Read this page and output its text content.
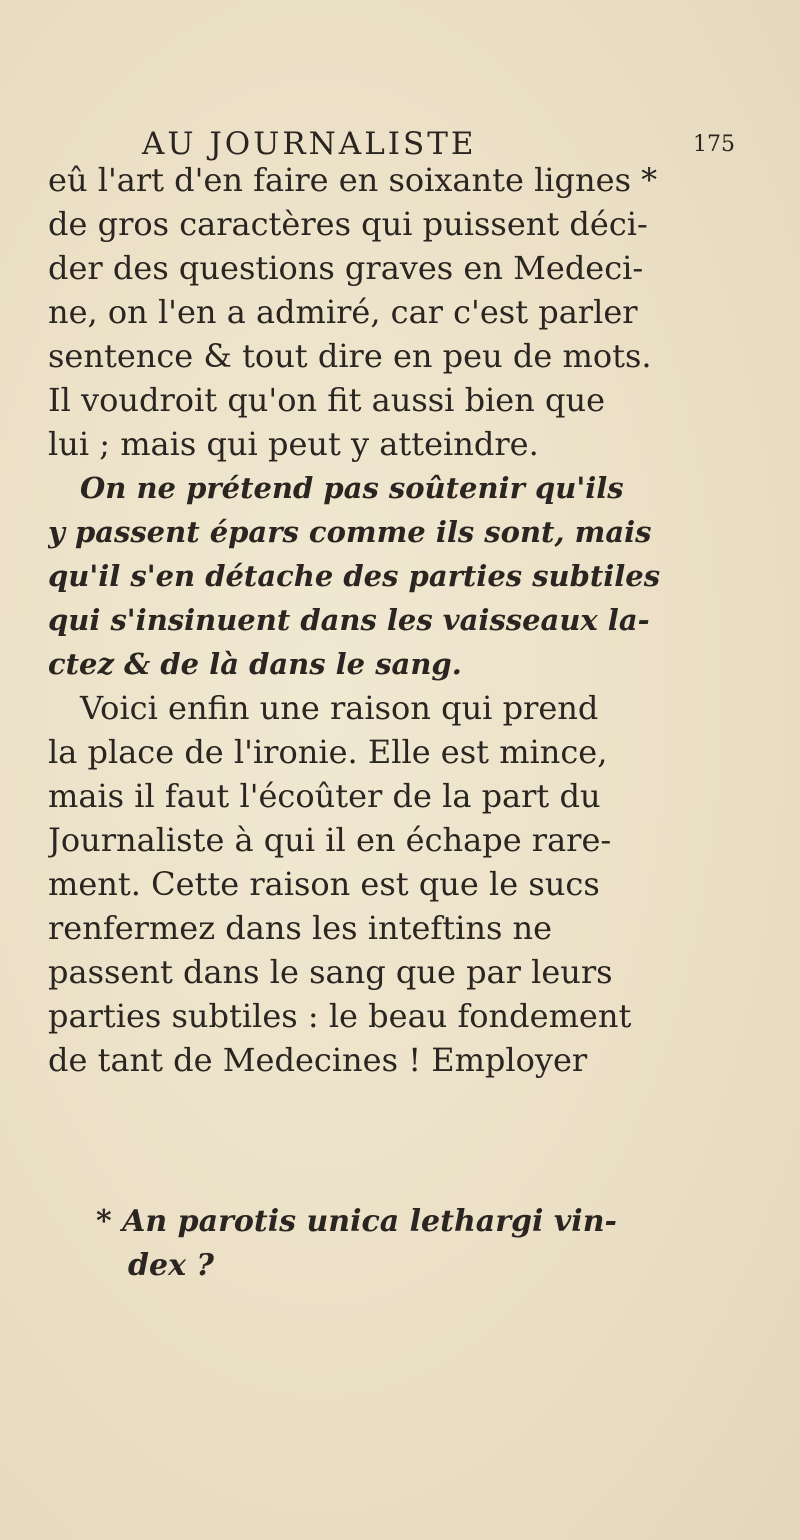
AU JOURNALISTE	175
eû l'art d'en faire en soixante lignes *
de gros caractères qui puissent déci-
der des questions graves en Medeci-
ne, on l'en a admiré, car c'est parler
sentence & tout dire en peu de mots.
Il voudroit qu'on fit aussi bien que
lui ; mais qui peut y atteindre.
On ne prétend pas soûtenir qu'ils
y passent épars comme ils sont, mais
qu'il s'en détache des parties subtiles
qui s'insinuent dans les vaisseaux la-
ctez & de là dans le sang.
Voici enfin une raison qui prend
la place de l'ironie. Elle est mince,
mais il faut l'écoûter de la part du
Journaliste à qui il en échape rare-
ment. Cette raison est que le sucs
renfermez dans les inteftins ne
passent dans le sang que par leurs
parties subtiles : le beau fondement
de tant de Medecines ! Employer
* An parotis unica lethargi vin-
dex ?
